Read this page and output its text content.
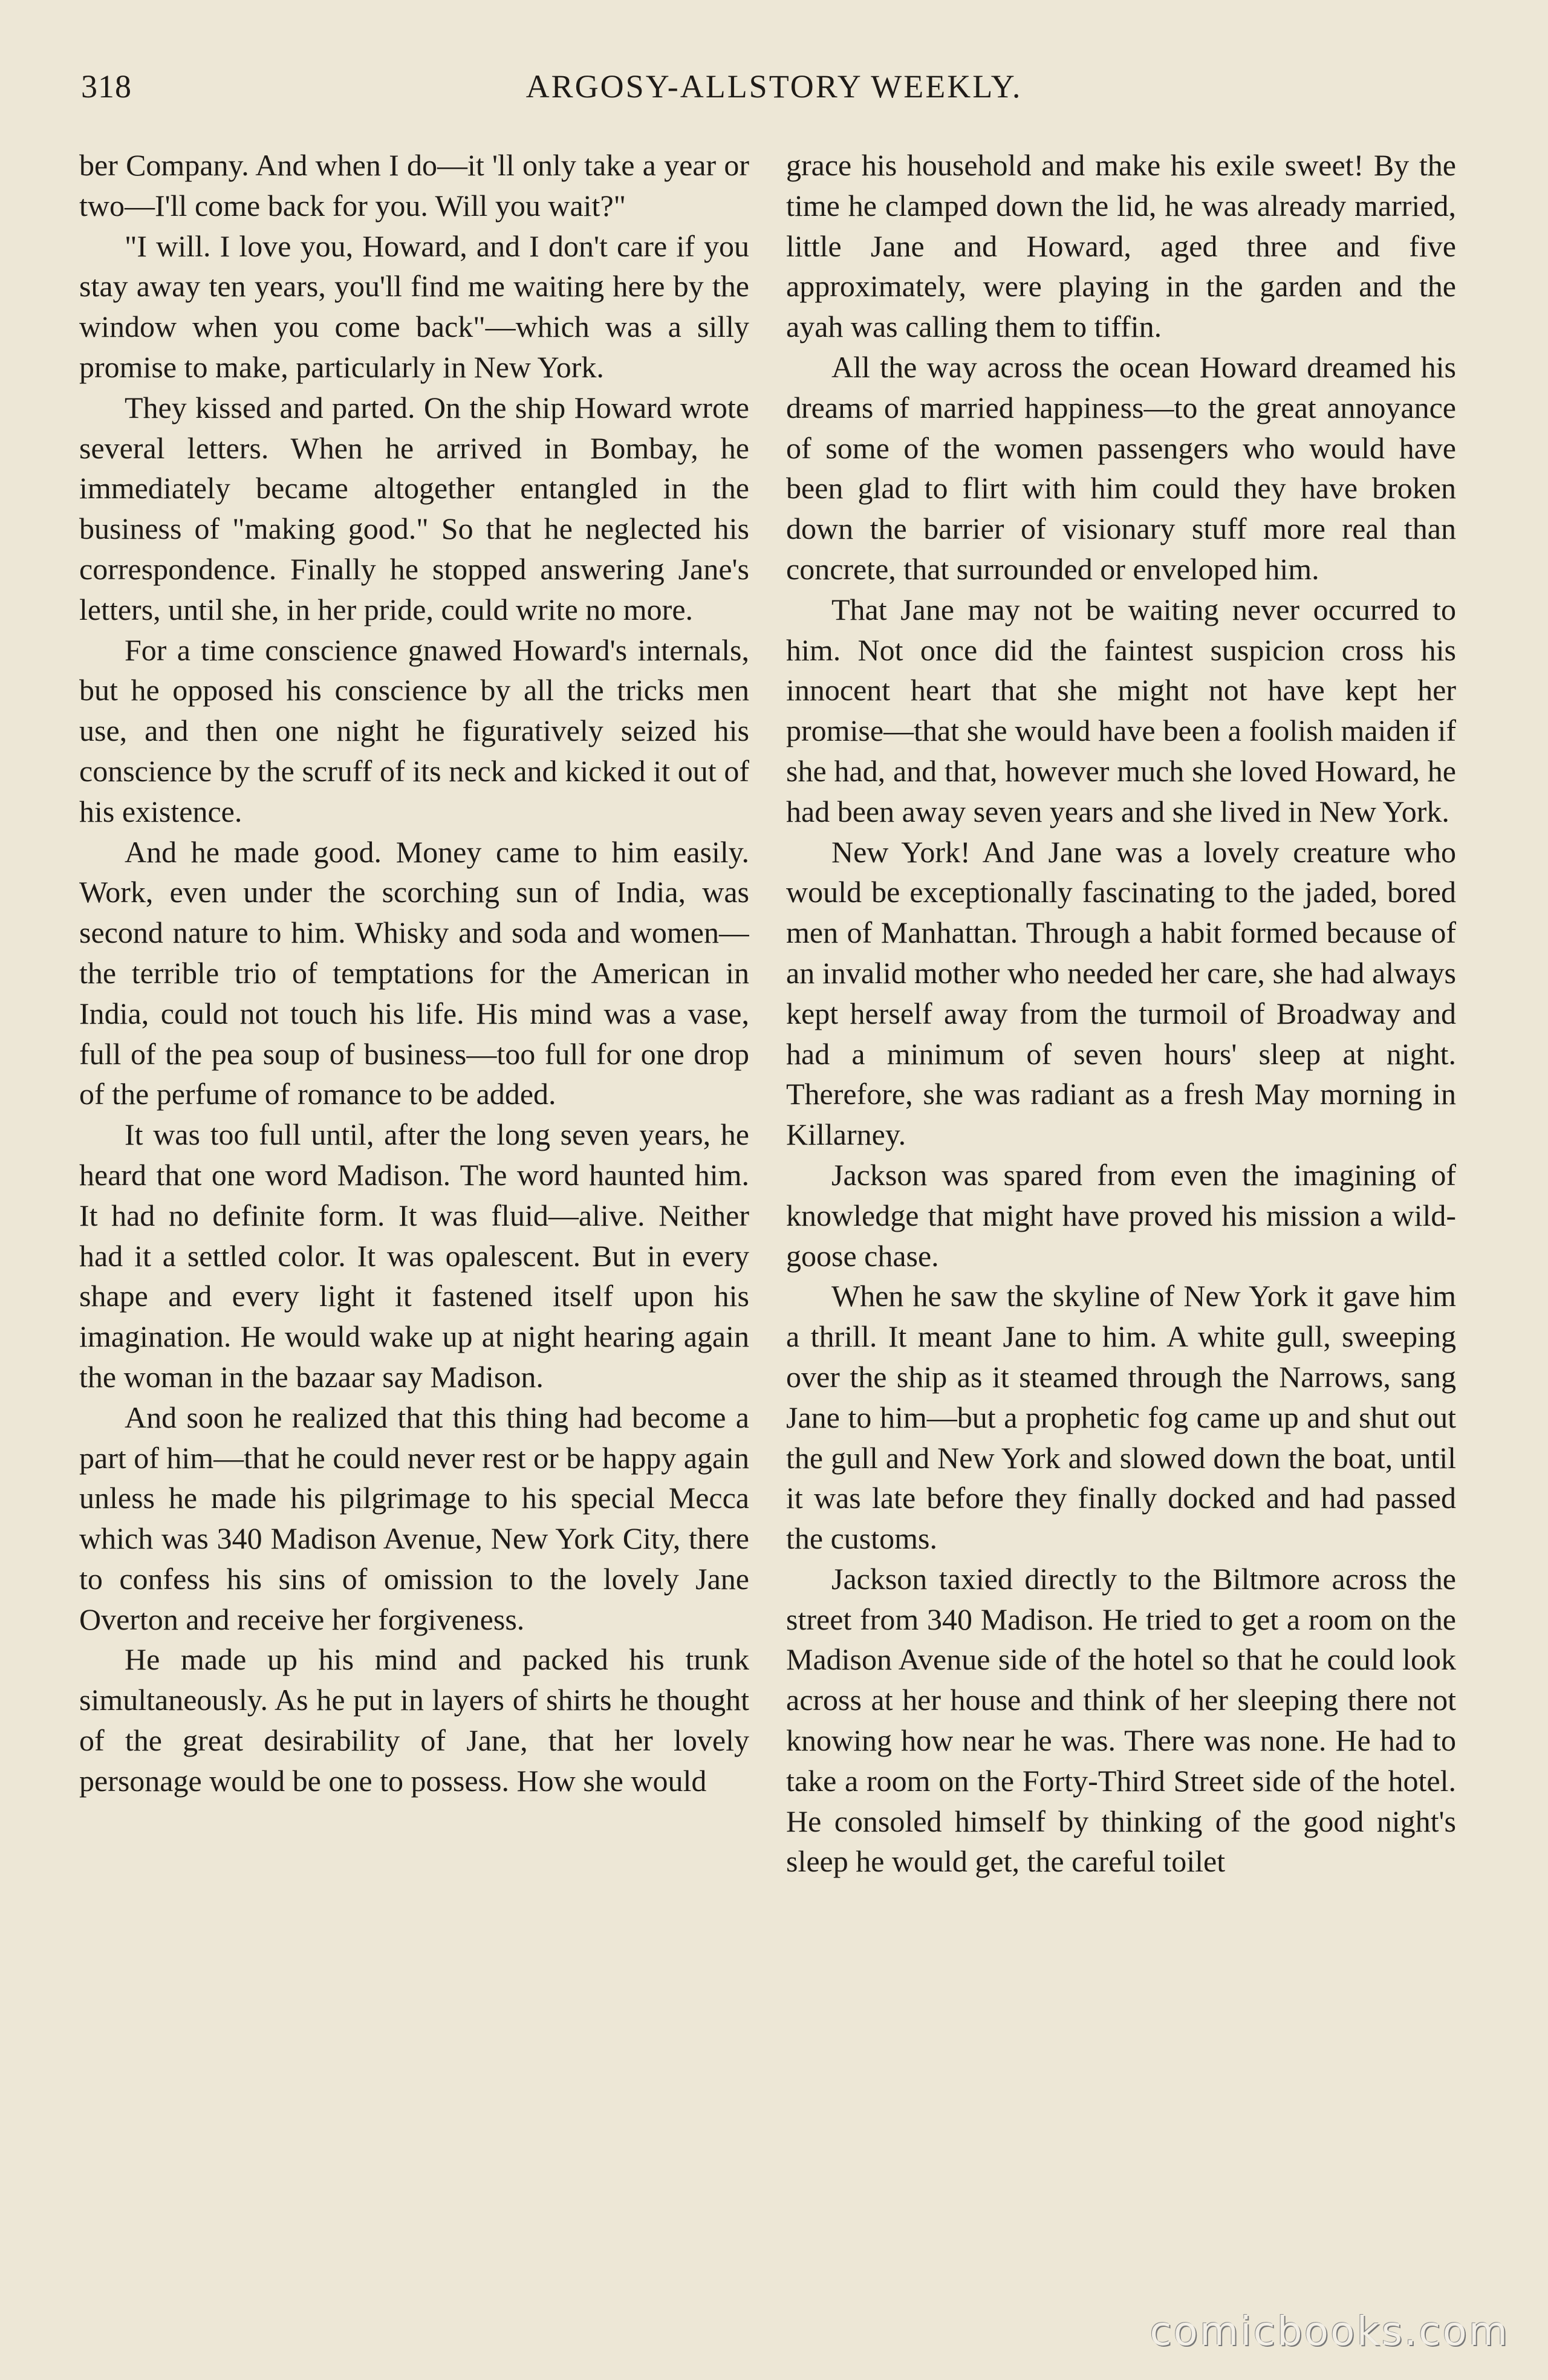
318	ARGOSY-ALLSTORY WEEKLY.

ber Company. And when I do—it 'll only take a year or two—I'll come back for you. Will you wait?"

"I will. I love you, Howard, and I don't care if you stay away ten years, you'll find me waiting here by the window when you come back"—which was a silly promise to make, particularly in New York.

They kissed and parted. On the ship Howard wrote several letters. When he arrived in Bombay, he immediately became altogether entangled in the business of "making good." So that he neglected his correspondence. Finally he stopped answering Jane's letters, until she, in her pride, could write no more.

For a time conscience gnawed Howard's internals, but he opposed his conscience by all the tricks men use, and then one night he figuratively seized his conscience by the scruff of its neck and kicked it out of his existence.

And he made good. Money came to him easily. Work, even under the scorching sun of India, was second nature to him. Whisky and soda and women—the terrible trio of temptations for the American in India, could not touch his life. His mind was a vase, full of the pea soup of business—too full for one drop of the perfume of romance to be added.

It was too full until, after the long seven years, he heard that one word Madison. The word haunted him. It had no definite form. It was fluid—alive. Neither had it a settled color. It was opalescent. But in every shape and every light it fastened itself upon his imagination. He would wake up at night hearing again the woman in the bazaar say Madison.

And soon he realized that this thing had become a part of him—that he could never rest or be happy again unless he made his pilgrimage to his special Mecca which was 340 Madison Avenue, New York City, there to confess his sins of omission to the lovely Jane Overton and receive her forgiveness.

He made up his mind and packed his trunk simultaneously. As he put in layers of shirts he thought of the great desirability of Jane, that her lovely personage would be one to possess. How she would

grace his household and make his exile sweet! By the time he clamped down the lid, he was already married, little Jane and Howard, aged three and five approximately, were playing in the garden and the ayah was calling them to tiffin.

All the way across the ocean Howard dreamed his dreams of married happiness—to the great annoyance of some of the women passengers who would have been glad to flirt with him could they have broken down the barrier of visionary stuff more real than concrete, that surrounded or enveloped him.

That Jane may not be waiting never occurred to him. Not once did the faintest suspicion cross his innocent heart that she might not have kept her promise—that she would have been a foolish maiden if she had, and that, however much she loved Howard, he had been away seven years and she lived in New York.

New York! And Jane was a lovely creature who would be exceptionally fascinating to the jaded, bored men of Manhattan. Through a habit formed because of an invalid mother who needed her care, she had always kept herself away from the turmoil of Broadway and had a minimum of seven hours' sleep at night. Therefore, she was radiant as a fresh May morning in Killarney.

Jackson was spared from even the imagining of knowledge that might have proved his mission a wild-goose chase.

When he saw the skyline of New York it gave him a thrill. It meant Jane to him. A white gull, sweeping over the ship as it steamed through the Narrows, sang Jane to him—but a prophetic fog came up and shut out the gull and New York and slowed down the boat, until it was late before they finally docked and had passed the customs.

Jackson taxied directly to the Biltmore across the street from 340 Madison. He tried to get a room on the Madison Avenue side of the hotel so that he could look across at her house and think of her sleeping there not knowing how near he was. There was none. He had to take a room on the Forty-Third Street side of the hotel. He consoled himself by thinking of the good night's sleep he would get, the careful toilet

comicbooks.com
